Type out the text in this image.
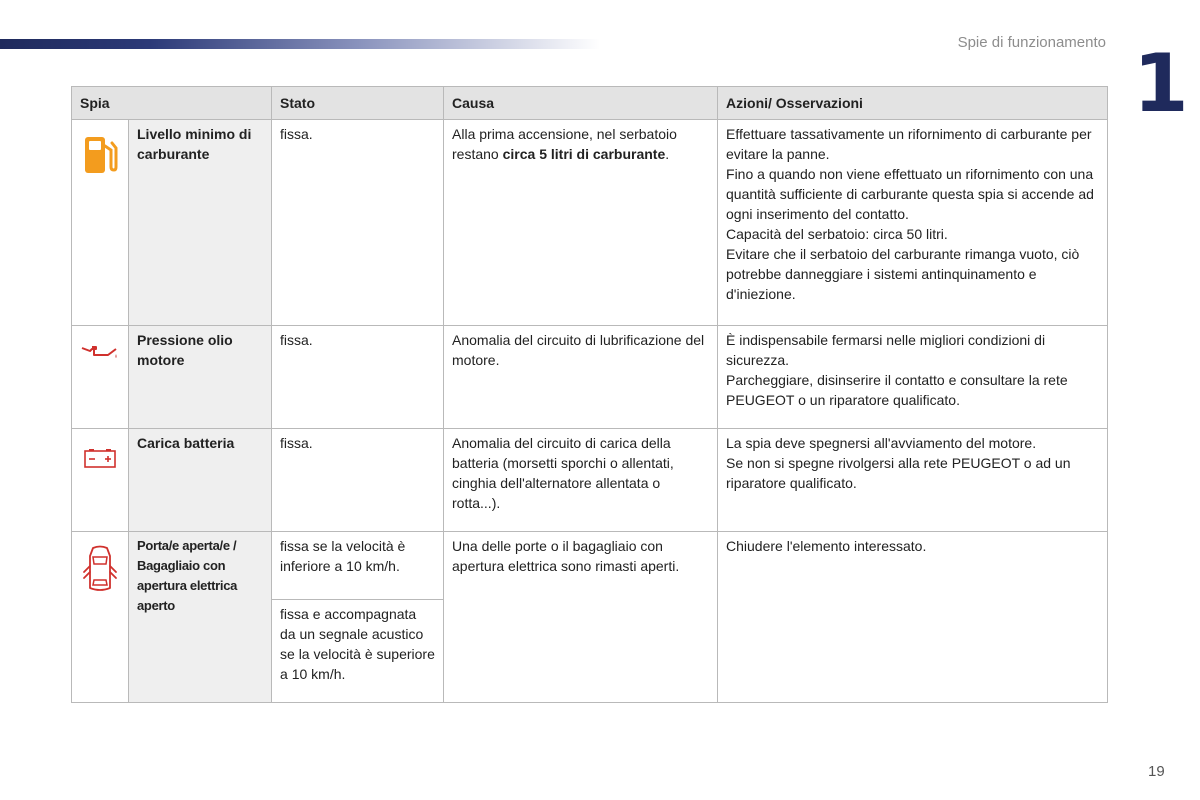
Spie di funzionamento 1
Spia		Stato	Causa	Azioni/ Osservazioni
	Livello minimo di carburante	fissa.	Alla prima accensione, nel serbatoio restano circa 5 litri di carburante.	Effettuare tassativamente un rifornimento di carburante per evitare la panne.
Fino a quando non viene effettuato un rifornimento con una quantità sufficiente di carburante questa spia si accende ad ogni inserimento del contatto.
Capacità del serbatoio: circa 50 litri.
Evitare che il serbatoio del carburante rimanga vuoto, ciò potrebbe danneggiare i sistemi antinquinamento e d'iniezione.

	Pressione olio motore	fissa.	Anomalia del circuito di lubrificazione del motore.	È indispensabile fermarsi nelle migliori condizioni di sicurezza.
Parcheggiare, disinserire il contatto e consultare la rete PEUGEOT o un riparatore qualificato.

	Carica batteria	fissa.	Anomalia del circuito di carica della batteria (morsetti sporchi o allentati, cinghia dell'alternatore allentata o rotta...).	La spia deve spegnersi all'avviamento del motore.
Se non si spegne rivolgersi alla rete PEUGEOT o ad un riparatore qualificato.

	Porta/e aperta/e / Bagagliaio con apertura elettrica aperto	fissa se la velocità è inferiore a 10 km/h.	Una delle porte o il bagagliaio con apertura elettrica sono rimasti aperti.	Chiudere l'elemento interessato.

		fissa e accompagnata da un segnale acustico se la velocità è superiore a 10 km/h.		
19
